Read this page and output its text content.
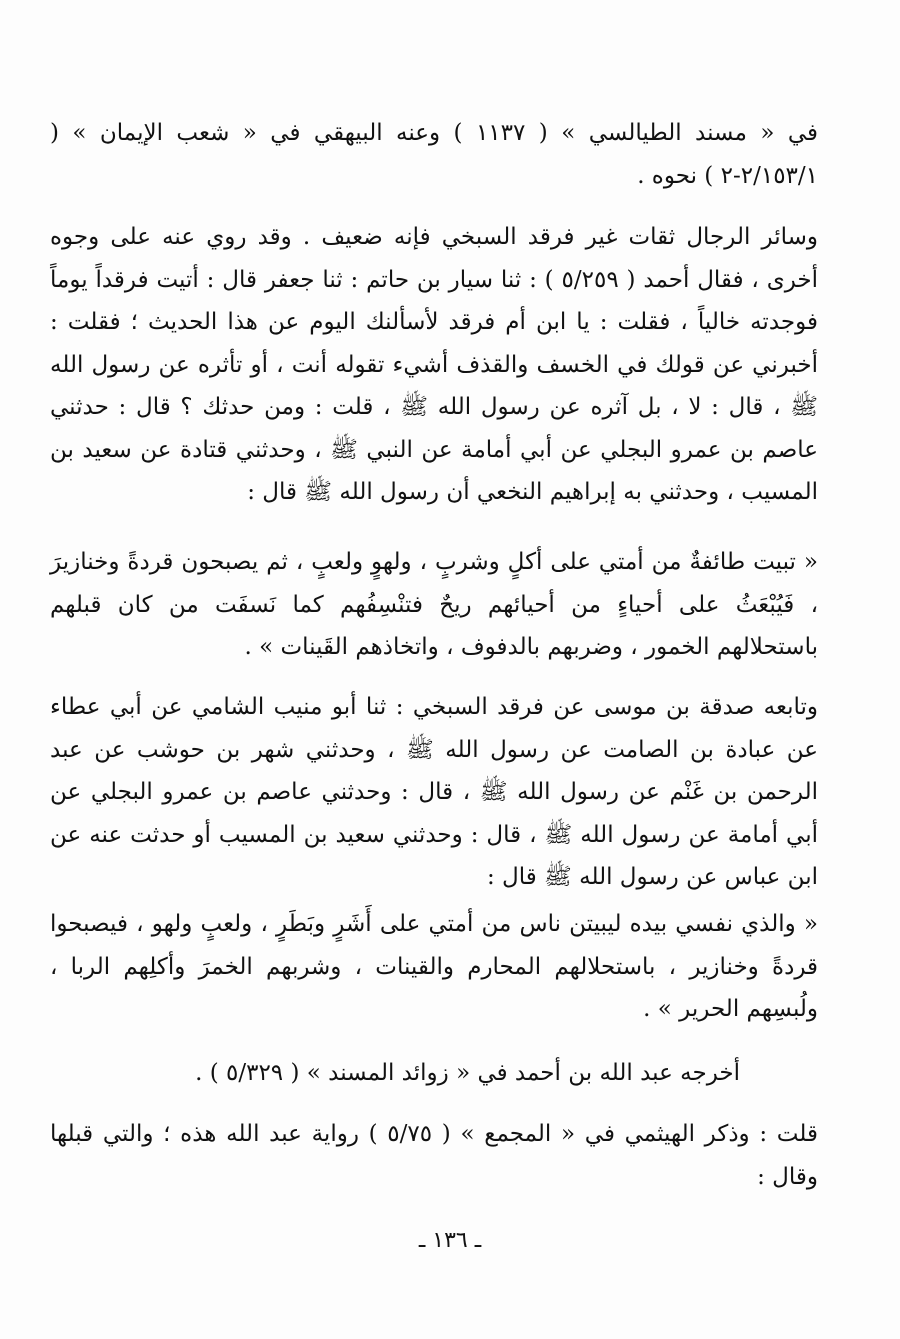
في « مسند الطيالسي » ( ١١٣٧ ) وعنه البيهقي في « شعب الإيمان » ( ٢/١٥٣/١-٢ ) نحوه .

وسائر الرجال ثقات غير فرقد السبخي فإنه ضعيف . وقد روي عنه على وجوه أخرى ، فقال أحمد ( ٥/٢٥٩ ) : ثنا سيار بن حاتم : ثنا جعفر قال : أتيت فرقداً يوماً فوجدته خالياً ، فقلت : يا ابن أم فرقد لأسألنك اليوم عن هذا الحديث ؛ فقلت : أخبرني عن قولك في الخسف والقذف أشيء تقوله أنت ، أو تأثره عن رسول الله ﷺ ، قال : لا ، بل آثره عن رسول الله ﷺ ، قلت : ومن حدثك ؟ قال : حدثني عاصم بن عمرو البجلي عن أبي أمامة عن النبي ﷺ ، وحدثني قتادة عن سعيد بن المسيب ، وحدثني به إبراهيم النخعي أن رسول الله ﷺ قال :

« تبيت طائفةٌ من أمتي على أكلٍ وشربٍ ، ولهوٍ ولعبٍ ، ثم يصبحون قردةً وخنازيرَ ، فَيُبْعَثُ على أحياءٍ من أحيائهم ريحٌ فتنْسِفُهم كما نَسفَت من كان قبلهم باستحلالهم الخمور ، وضربهم بالدفوف ، واتخاذهم القَينات » .

وتابعه صدقة بن موسى عن فرقد السبخي : ثنا أبو منيب الشامي عن أبي عطاء عن عبادة بن الصامت عن رسول الله ﷺ ، وحدثني شهر بن حوشب عن عبد الرحمن بن غَنْم عن رسول الله ﷺ ، قال : وحدثني عاصم بن عمرو البجلي عن أبي أمامة عن رسول الله ﷺ ، قال : وحدثني سعيد بن المسيب أو حدثت عنه عن ابن عباس عن رسول الله ﷺ قال :

« والذي نفسي بيده ليبيتن ناس من أمتي على أَشَرٍ وبَطَرٍ ، ولعبٍ ولهو ، فيصبحوا قردةً وخنازير ، باستحلالهم المحارم والقينات ، وشربهم الخمرَ وأكلِهم الربا ، ولُبسِهم الحرير » .

أخرجه عبد الله بن أحمد في « زوائد المسند » ( ٥/٣٢٩ ) .

قلت : وذكر الهيثمي في « المجمع » ( ٥/٧٥ ) رواية عبد الله هذه ؛ والتي قبلها وقال :

ـ ١٣٦ ـ
